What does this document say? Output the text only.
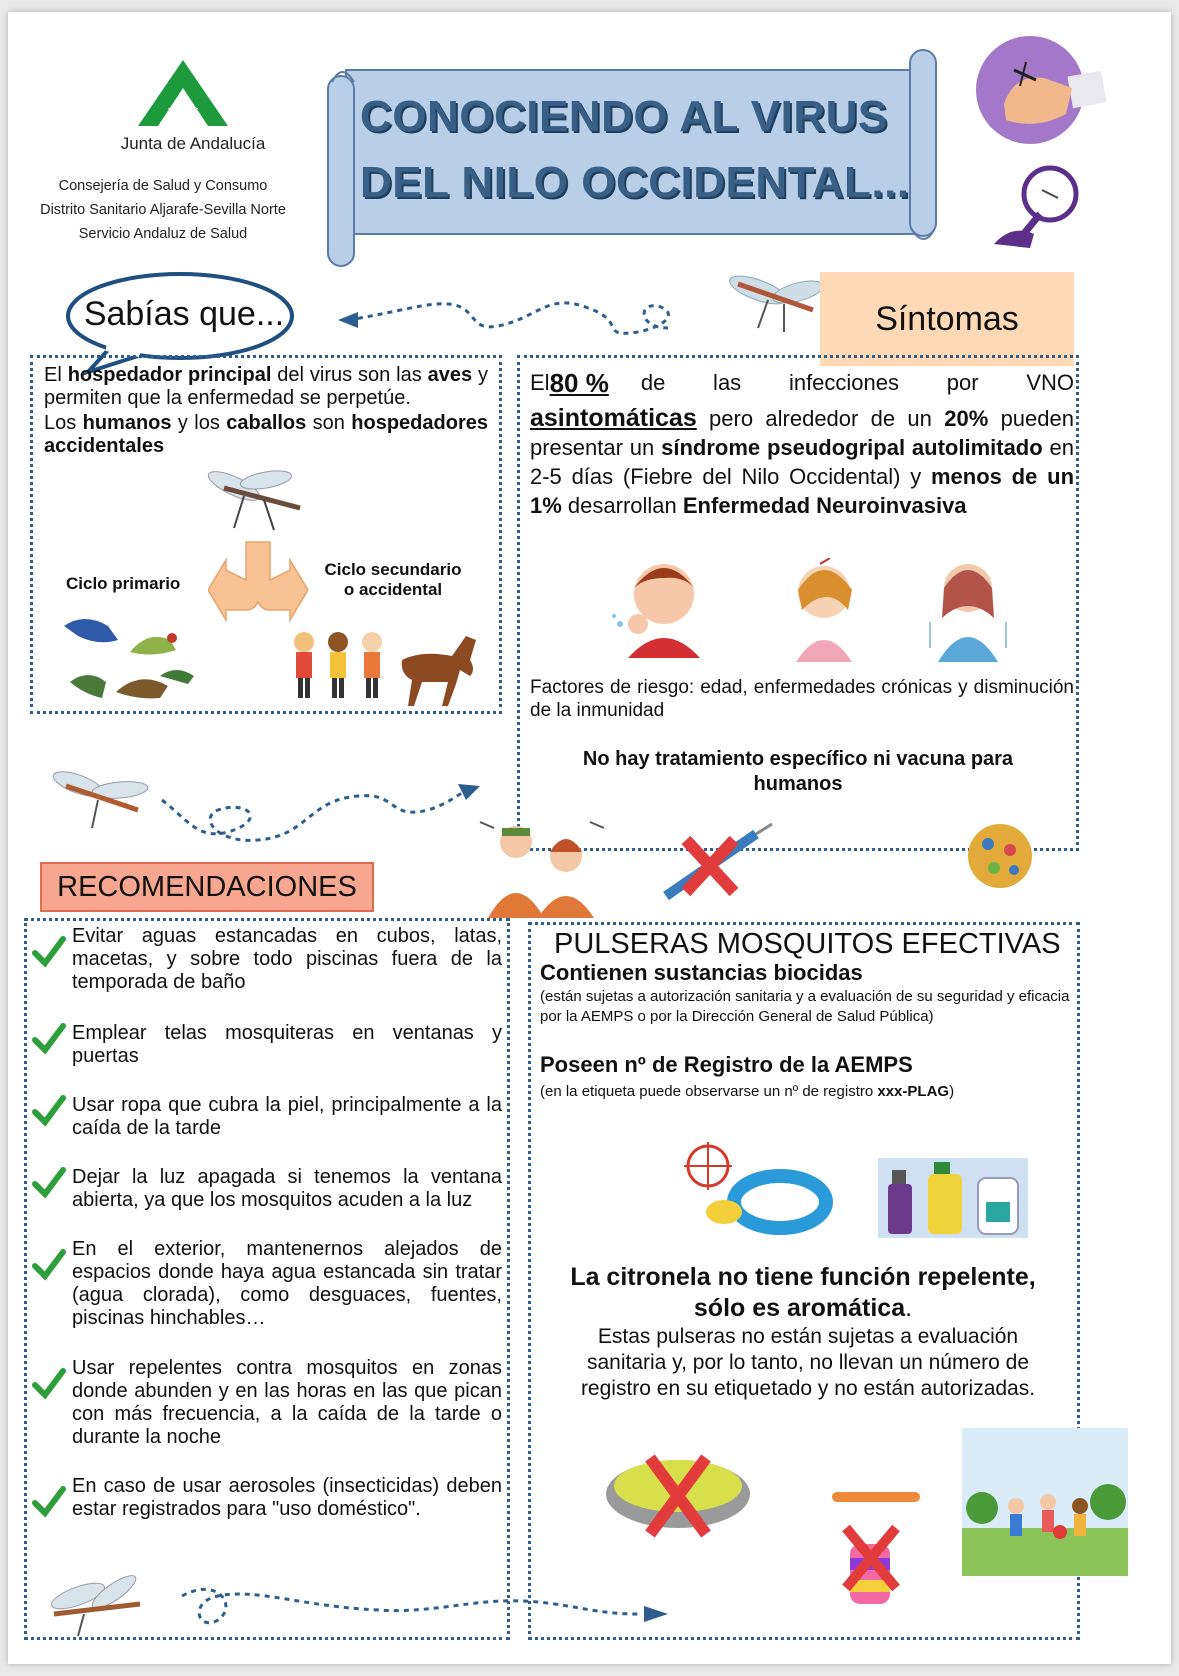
Junta de Andalucía
Consejería de Salud y Consumo
Distrito Sanitario Aljarafe-Sevilla Norte
Servicio Andaluz de Salud
CONOCIENDO AL VIRUS
DEL NILO OCCIDENTAL...
Sabías que...	Síntomas
El hospedador principal del virus son las aves y permiten que la enfermedad se perpetúe.
Los humanos y los caballos son hospedadores accidentales
Ciclo primario
Ciclo secundario
o accidental
El 80 % de las infecciones por VNO
asintomáticas pero alrededor de un 20% pueden presentar un síndrome pseudogripal autolimitado en 2-5 días (Fiebre del Nilo Occidental) y menos de un 1% desarrollan Enfermedad Neuroinvasiva
Factores de riesgo: edad, enfermedades crónicas y disminución de la inmunidad
No hay tratamiento específico ni vacuna para humanos
RECOMENDACIONES
Evitar aguas estancadas en cubos, latas, macetas, y sobre todo piscinas fuera de la temporada de baño
Emplear telas mosquiteras en ventanas y puertas
Usar ropa que cubra la piel, principalmente a la caída de la tarde
Dejar la luz apagada si tenemos la ventana abierta, ya que los mosquitos acuden a la luz
En el exterior, mantenernos alejados de espacios donde haya agua estancada sin tratar (agua clorada), como desguaces, fuentes, piscinas hinchables…
Usar repelentes contra mosquitos en zonas donde abunden y en las horas en las que pican con más frecuencia, a la caída de la tarde o durante la noche
En caso de usar aerosoles (insecticidas) deben estar registrados para "uso doméstico".
PULSERAS MOSQUITOS EFECTIVAS
Contienen sustancias biocidas
(están sujetas a autorización sanitaria y a evaluación de su seguridad y eficacia por la AEMPS o por la Dirección General de Salud Pública)
Poseen nº de Registro de la AEMPS
(en la etiqueta puede observarse un nº de registro xxx-PLAG)
La citronela no tiene función repelente, sólo es aromática.
Estas pulseras no están sujetas a evaluación sanitaria y, por lo tanto, no llevan un número de registro en su etiquetado y no están autorizadas.
